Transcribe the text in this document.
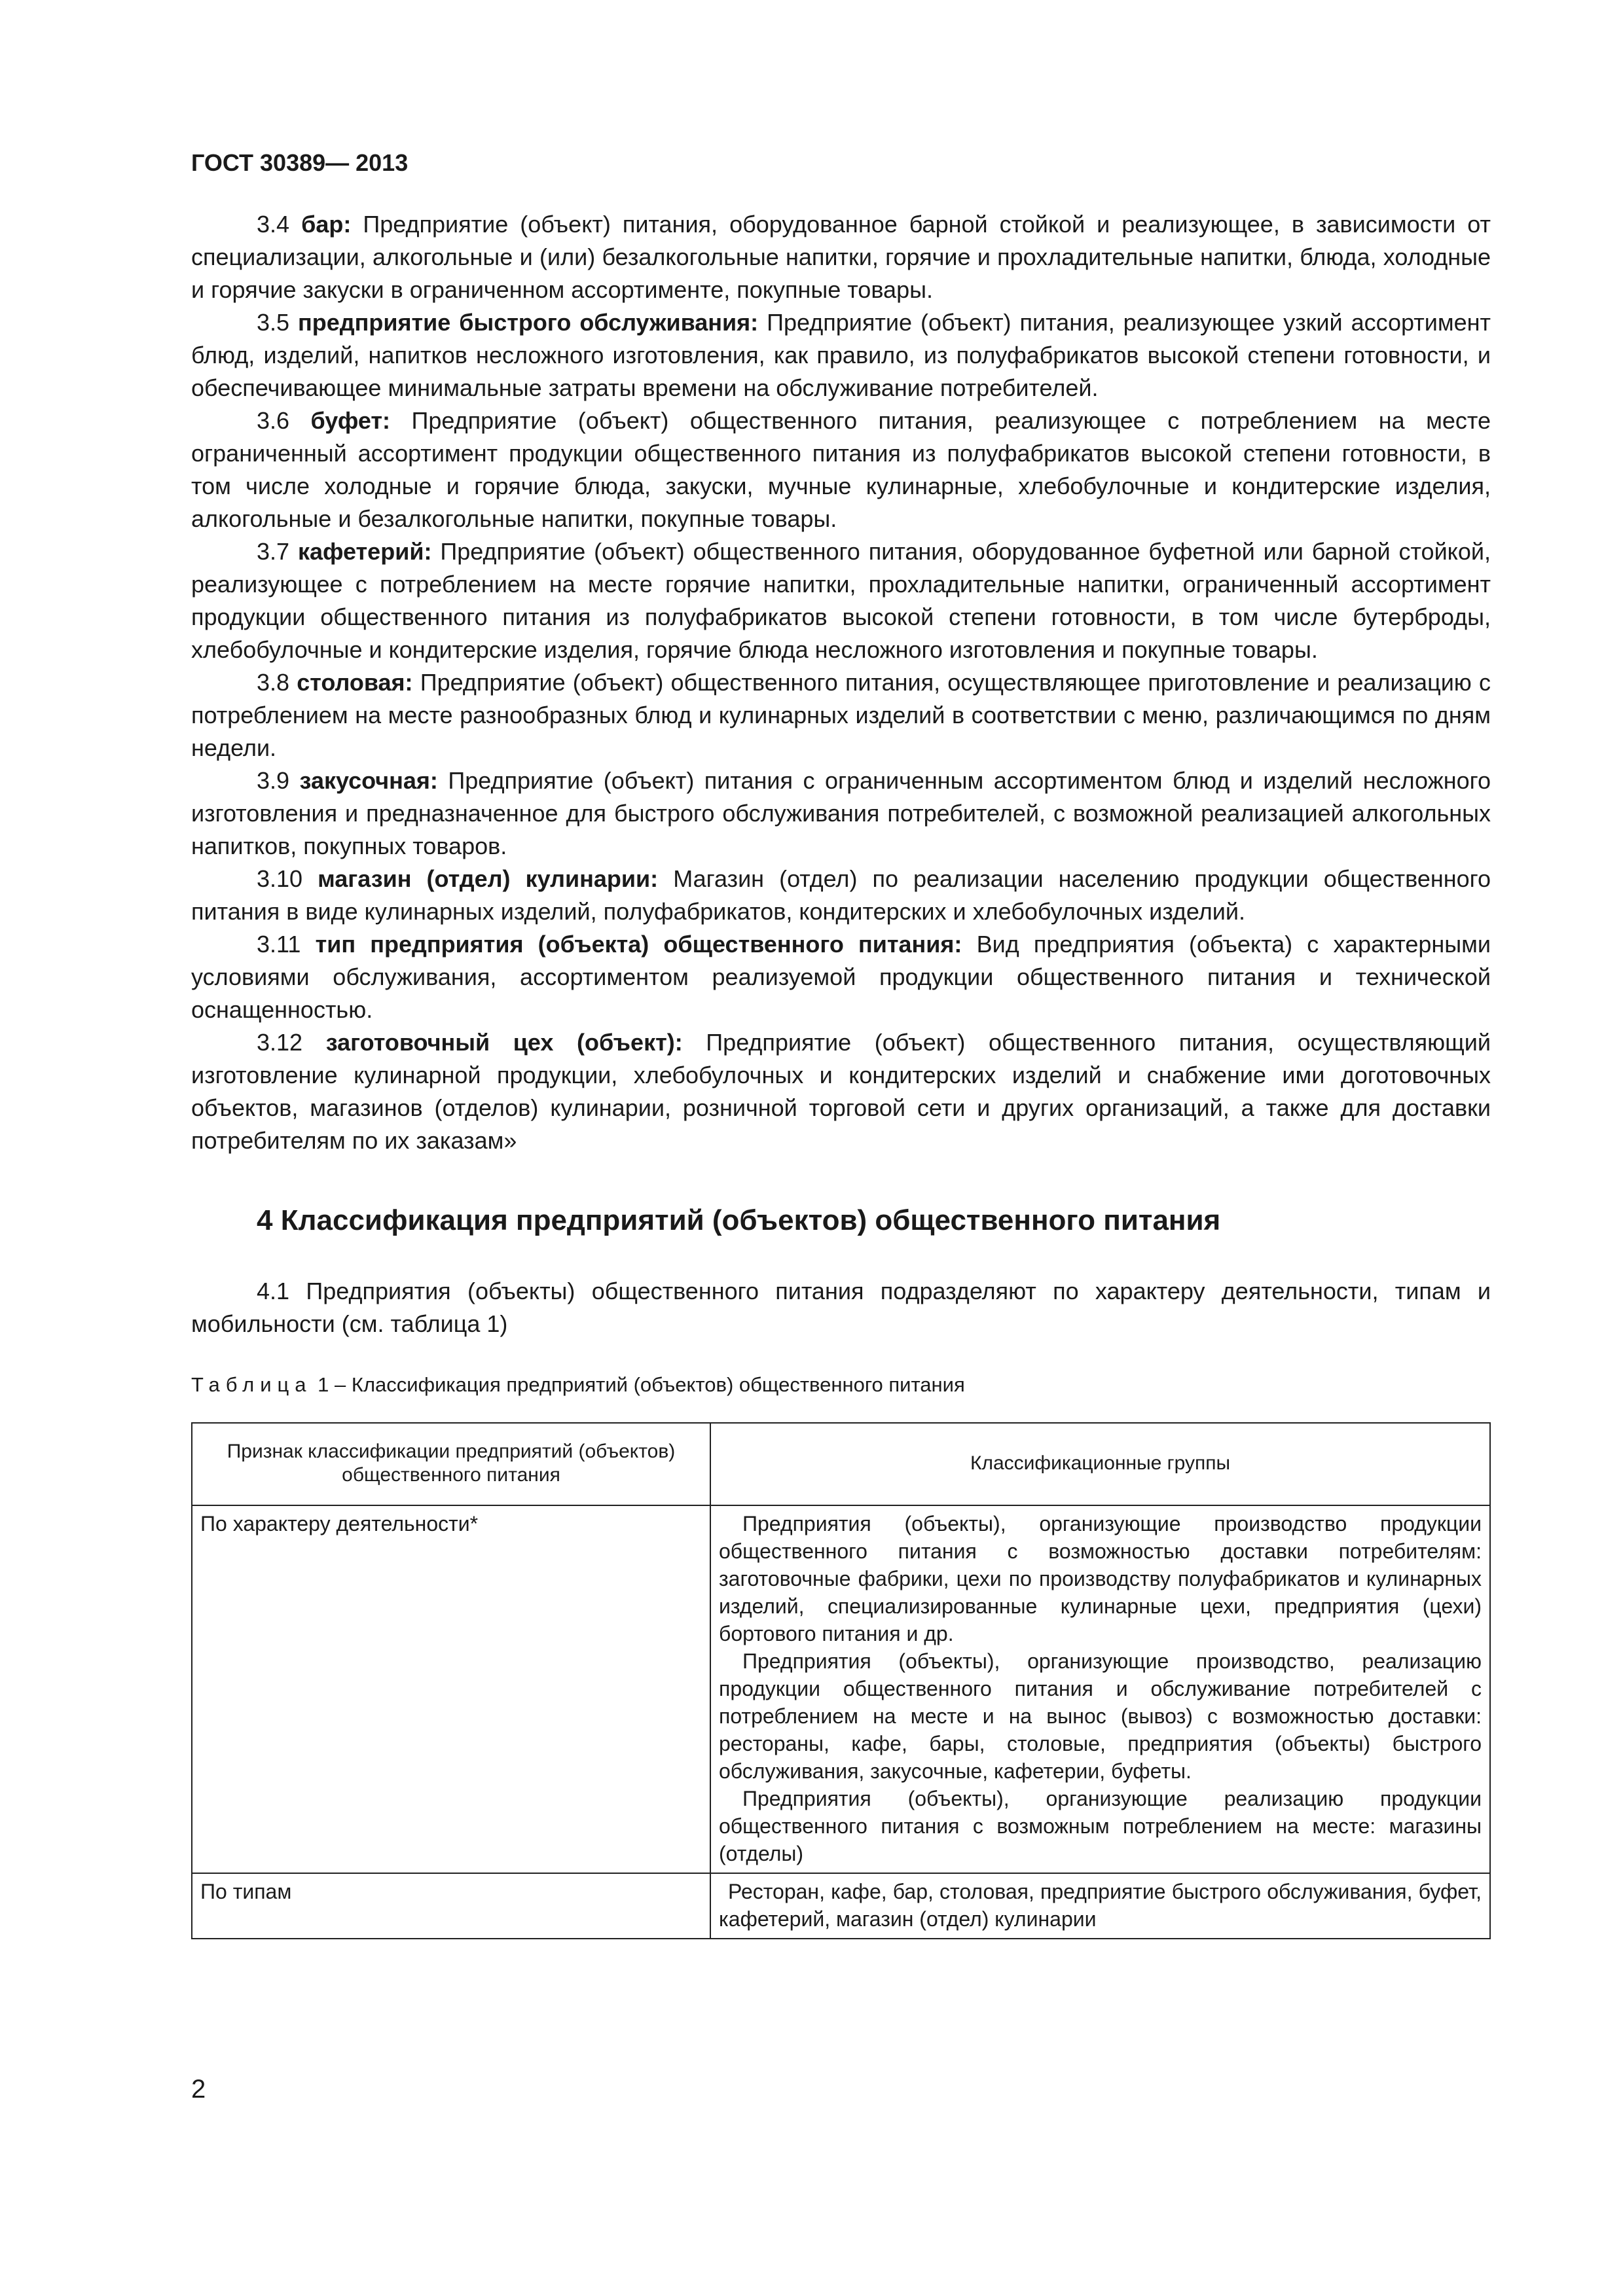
ГОСТ 30389— 2013

3.4 бар: Предприятие (объект) питания, оборудованное барной стойкой и реализующее, в зависимости от специализации, алкогольные и (или) безалкогольные напитки, горячие и прохладительные напитки, блюда, холодные и горячие закуски в ограниченном ассортименте, покупные товары.

3.5 предприятие быстрого обслуживания: Предприятие (объект) питания, реализующее узкий ассортимент блюд, изделий, напитков несложного изготовления, как правило, из полуфабрикатов высокой степени готовности, и обеспечивающее минимальные затраты времени на обслуживание потребителей.

3.6 буфет: Предприятие (объект) общественного питания, реализующее с потреблением на месте ограниченный ассортимент продукции общественного питания из полуфабрикатов высокой степени готовности, в том числе холодные и горячие блюда, закуски, мучные кулинарные, хлебобулочные и кондитерские изделия, алкогольные и безалкогольные напитки, покупные товары.

3.7 кафетерий: Предприятие (объект) общественного питания, оборудованное буфетной или барной стойкой, реализующее с потреблением на месте горячие напитки, прохладительные напитки, ограниченный ассортимент продукции общественного питания из полуфабрикатов высокой степени готовности, в том числе бутерброды, хлебобулочные и кондитерские изделия, горячие блюда несложного изготовления и покупные товары.

3.8 столовая: Предприятие (объект) общественного питания, осуществляющее приготовление и реализацию с потреблением на месте разнообразных блюд и кулинарных изделий в соответствии с меню, различающимся по дням недели.

3.9 закусочная: Предприятие (объект) питания с ограниченным ассортиментом блюд и изделий несложного изготовления и предназначенное для быстрого обслуживания потребителей, с возможной реализацией алкогольных напитков, покупных товаров.

3.10 магазин (отдел) кулинарии: Магазин (отдел) по реализации населению продукции общественного питания в виде кулинарных изделий, полуфабрикатов, кондитерских и хлебобулочных изделий.

3.11 тип предприятия (объекта) общественного питания: Вид предприятия (объекта) с характерными условиями обслуживания, ассортиментом реализуемой продукции общественного питания и технической оснащенностью.

3.12 заготовочный цех (объект): Предприятие (объект) общественного питания, осуществляющий изготовление кулинарной продукции, хлебобулочных и кондитерских изделий и снабжение ими доготовочных объектов, магазинов (отделов) кулинарии, розничной торговой сети и других организаций, а также для доставки потребителям по их заказам»

4 Классификация предприятий (объектов) общественного питания

4.1 Предприятия (объекты) общественного питания подразделяют по характеру деятельности, типам и мобильности (см. таблица 1)

Таблица 1 – Классификация предприятий (объектов) общественного питания
Признак классификации предприятий (объектов) общественного питания	Классификационные группы
По характеру деятельности*	Предприятия (объекты), организующие производство продукции общественного питания с возможностью доставки потребителям: заготовочные фабрики, цехи по производству полуфабрикатов и кулинарных изделий, специализированные кулинарные цехи, предприятия (цехи) бортового питания и др.

Предприятия (объекты), организующие производство, реализацию продукции общественного питания и обслуживание потребителей с потреблением на месте и на вынос (вывоз) с возможностью доставки: рестораны, кафе, бары, столовые, предприятия (объекты) быстрого обслуживания, закусочные, кафетерии, буфеты.

Предприятия (объекты), организующие реализацию продукции общественного питания с возможным потреблением на месте: магазины (отделы)

По типам	Ресторан, кафе, бар, столовая, предприятие быстрого обслуживания, буфет, кафетерий, магазин (отдел) кулинарии

2
